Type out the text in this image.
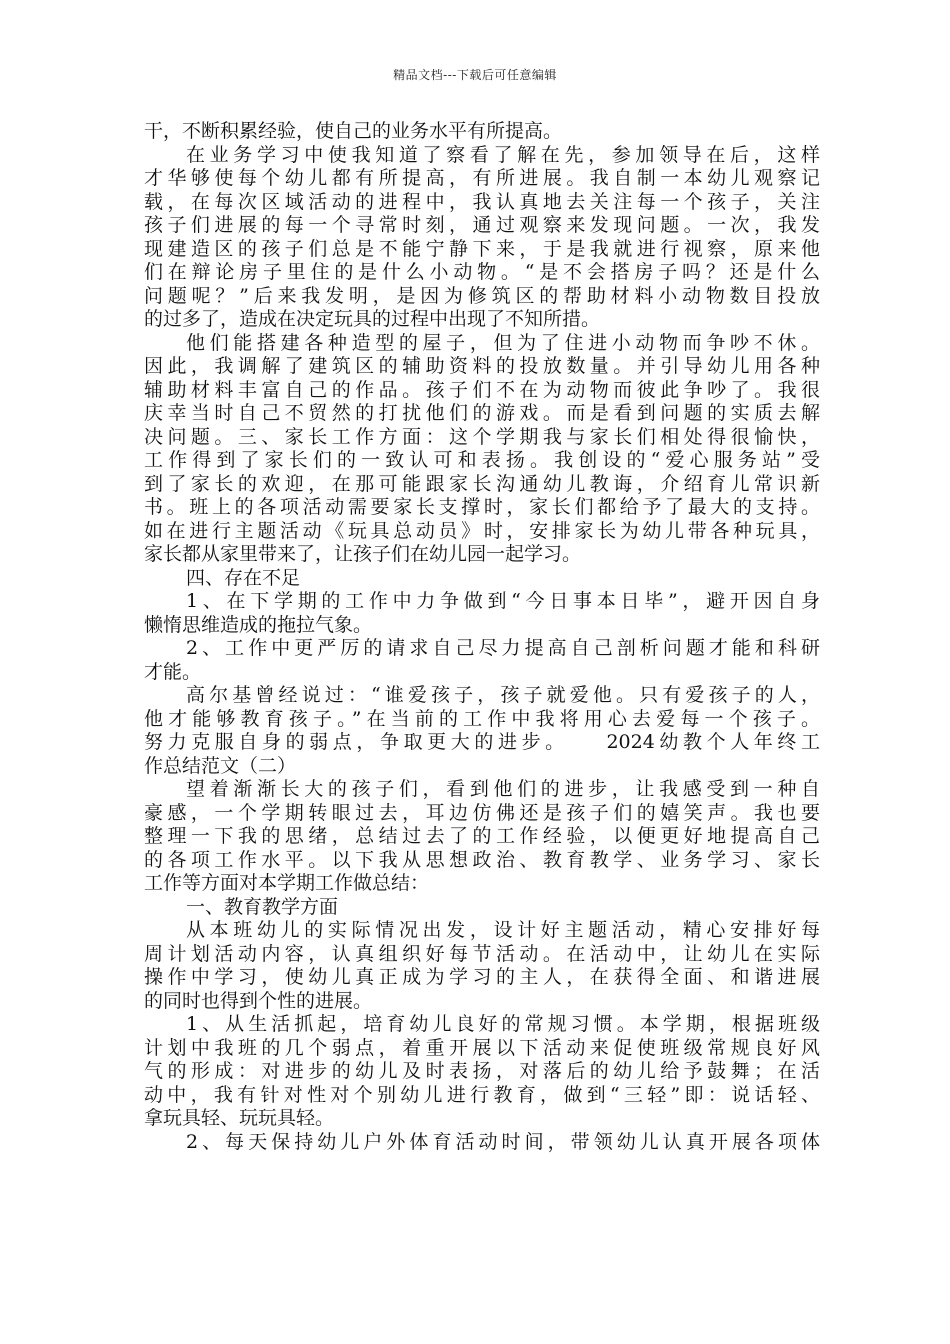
精品文档---下载后可任意编辑
干，不断积累经验，使自己的业务水平有所提高。
在业务学习中使我知道了察看了解在先，参加领导在后，这样
才华够使每个幼儿都有所提高，有所进展。我自制一本幼儿观察记
载，在每次区域活动的进程中，我认真地去关注每一个孩子，关注
孩子们进展的每一个寻常时刻，通过观察来发现问题。一次，我发
现建造区的孩子们总是不能宁静下来，于是我就进行视察，原来他
们在辩论房子里住的是什么小动物。“是不会搭房子吗？还是什么
问题呢？”后来我发明，是因为修筑区的帮助材料小动物数目投放
的过多了，造成在决定玩具的过程中出现了不知所措。
他们能搭建各种造型的屋子，但为了住进小动物而争吵不休。
因此，我调解了建筑区的辅助资料的投放数量。并引导幼儿用各种
辅助材料丰富自己的作品。孩子们不在为动物而彼此争吵了。我很
庆幸当时自己不贸然的打扰他们的游戏。而是看到问题的实质去解
决问题。三、家长工作方面：这个学期我与家长们相处得很愉快，
工作得到了家长们的一致认可和表扬。我创设的“爱心服务站”受
到了家长的欢迎，在那可能跟家长沟通幼儿教诲，介绍育儿常识新
书。班上的各项活动需要家长支撑时，家长们都给予了最大的支持。
如在进行主题活动《玩具总动员》时，安排家长为幼儿带各种玩具，
家长都从家里带来了，让孩子们在幼儿园一起学习。
四、存在不足
1、在下学期的工作中力争做到“今日事本日毕”，避开因自身
懒惰思维造成的拖拉气象。
2、工作中更严厉的请求自己尽力提高自己剖析问题才能和科研
才能。
高尔基曾经说过：“谁爱孩子，孩子就爱他。只有爱孩子的人，
他才能够教育孩子。”在当前的工作中我将用心去爱每一个孩子。
努力克服自身的弱点，争取更大的进步。　　2024幼教个人年终工
作总结范文（二）
望着渐渐长大的孩子们，看到他们的进步，让我感受到一种自
豪感，一个学期转眼过去，耳边仿佛还是孩子们的嬉笑声。我也要
整理一下我的思绪，总结过去了的工作经验，以便更好地提高自己
的各项工作水平。以下我从思想政治、教育教学、业务学习、家长
工作等方面对本学期工作做总结：
一、教育教学方面
从本班幼儿的实际情况出发，设计好主题活动，精心安排好每
周计划活动内容，认真组织好每节活动。在活动中，让幼儿在实际
操作中学习，使幼儿真正成为学习的主人，在获得全面、和谐进展
的同时也得到个性的进展。
1、从生活抓起，培育幼儿良好的常规习惯。本学期，根据班级
计划中我班的几个弱点，着重开展以下活动来促使班级常规良好风
气的形成：对进步的幼儿及时表扬，对落后的幼儿给予鼓舞；在活
动中，我有针对性对个别幼儿进行教育，做到“三轻”即：说话轻、
拿玩具轻、玩玩具轻。
2、每天保持幼儿户外体育活动时间，带领幼儿认真开展各项体
